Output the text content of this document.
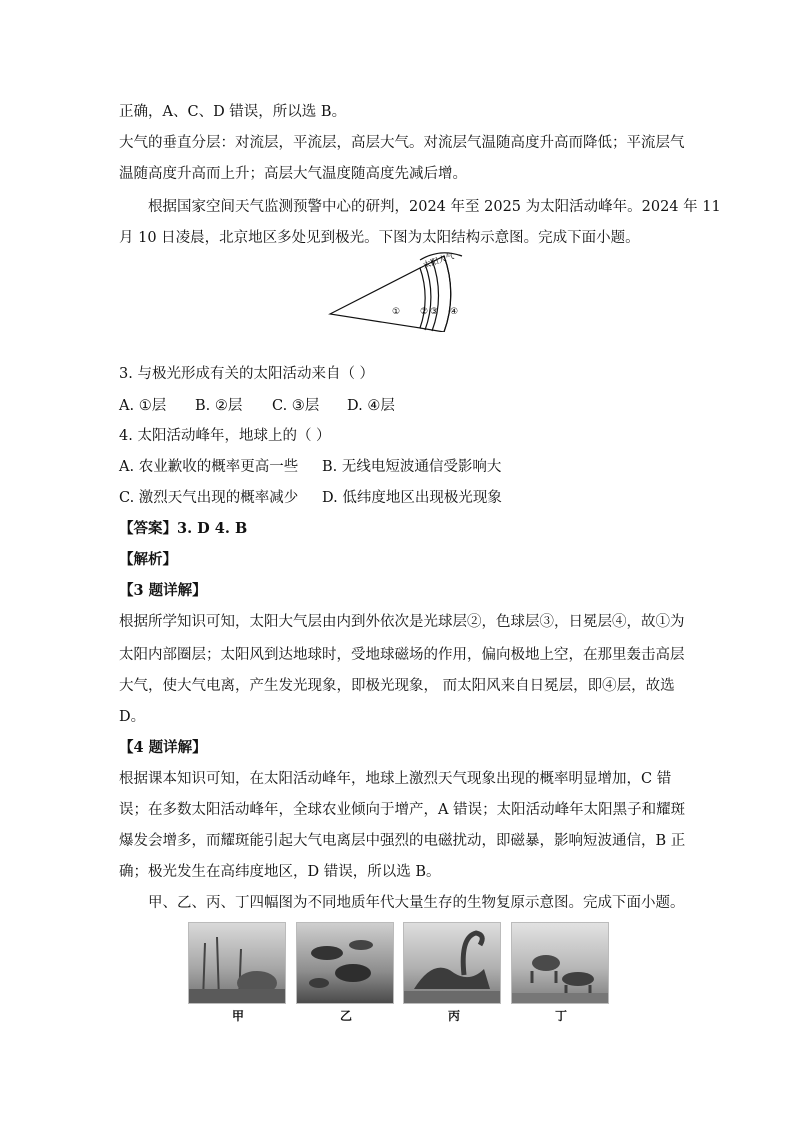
正确，A、C、D 错误，所以选 B。
大气的垂直分层：对流层，平流层，高层大气。对流层气温随高度升高而降低；平流层气
温随高度升高而上升；高层大气温度随高度先减后增。
根据国家空间天气监测预警中心的研判，2024 年至 2025 为太阳活动峰年。2024 年 11
月 10 日凌晨，北京地区多处见到极光。下图为太阳结构示意图。完成下面小题。
太阳大气
① ② ③ ④
3. 与极光形成有关的太阳活动来自（ ）
A. ①层 B. ②层 C. ③层 D. ④层
4. 太阳活动峰年，地球上的（ ）
A. 农业歉收的概率更高一些 B. 无线电短波通信受影响大
C. 激烈天气出现的概率减少 D. 低纬度地区出现极光现象
【答案】3. D 4. B
【解析】
【3 题详解】
根据所学知识可知，太阳大气层由内到外依次是光球层②，色球层③，日冕层④，故①为
太阳内部圈层；太阳风到达地球时，受地球磁场的作用，偏向极地上空，在那里轰击高层
大气，使大气电离，产生发光现象，即极光现象， 而太阳风来自日冕层，即④层，故选
D。
【4 题详解】
根据课本知识可知，在太阳活动峰年，地球上激烈天气现象出现的概率明显增加，C 错
误；在多数太阳活动峰年，全球农业倾向于增产，A 错误；太阳活动峰年太阳黑子和耀斑
爆发会增多，而耀斑能引起大气电离层中强烈的电磁扰动，即磁暴，影响短波通信，B 正
确；极光发生在高纬度地区，D 错误，所以选 B。
甲、乙、丙、丁四幅图为不同地质年代大量生存的生物复原示意图。完成下面小题。
甲	乙	丙	丁
